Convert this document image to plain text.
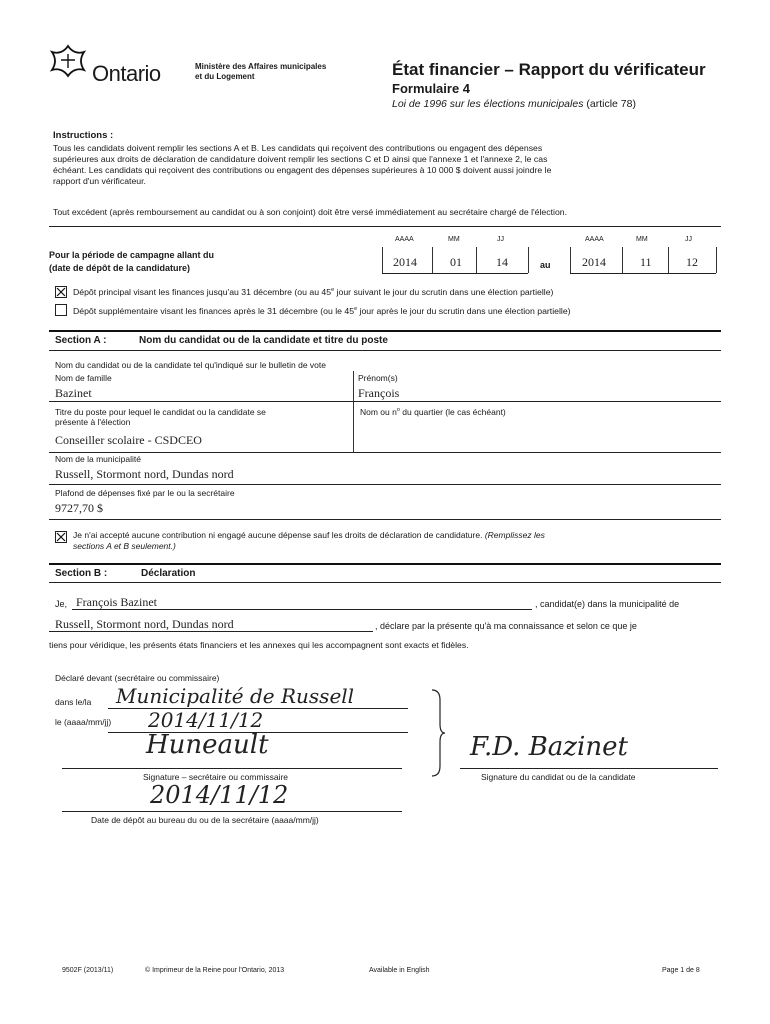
Ontario	Ministère des Affaires municipales
et du Logement	État financier – Rapport du vérificateur
Formulaire 4
Loi de 1996 sur les élections municipales (article 78)
Instructions :
Tous les candidats doivent remplir les sections A et B. Les candidats qui reçoivent des contributions ou engagent des dépenses
supérieures aux droits de déclaration de candidature doivent remplir les sections C et D ainsi que l'annexe 1 et l'annexe 2, le cas
échéant. Les candidats qui reçoivent des contributions ou engagent des dépenses supérieures à 10 000 $ doivent aussi joindre le
rapport d'un vérificateur.
Tout excédent (après remboursement au candidat ou à son conjoint) doit être versé immédiatement au secrétaire chargé de l'élection.
Pour la période de campagne allant du
(date de dépôt de la candidature)
AAAA	MM	JJ
2014	01	14	au
AAAA	MM	JJ
2014	11	12
Dépôt principal visant les finances jusqu'au 31 décembre (ou au 45e jour suivant le jour du scrutin dans une élection partielle)
Dépôt supplémentaire visant les finances après le 31 décembre (ou le 45e jour après le jour du scrutin dans une élection partielle)
Section A :	Nom du candidat ou de la candidate et titre du poste
Nom du candidat ou de la candidate tel qu'indiqué sur le bulletin de vote
Nom de famille
Bazinet
Prénom(s)
François
Titre du poste pour lequel le candidat ou la candidate se
présente à l'élection
Conseiller scolaire - CSDCEO
Nom ou $n^o$ du quartier (le cas échéant)
Nom de la municipalité
Russell, Stormont nord, Dundas nord
Plafond de dépenses fixé par le ou la secrétaire
9727,70 $
Je n'ai accepté aucune contribution ni engagé aucune dépense sauf les droits de déclaration de candidature. (Remplissez les
sections A et B seulement.)
Section B :	Déclaration
Je, François Bazinet	, candidat(e) dans la municipalité de
Russell, Stormont nord, Dundas nord	, déclare par la présente qu'à ma connaissance et selon ce que je
tiens pour véridique, les présents états financiers et les annexes qui les accompagnent sont exacts et fidèles.
Déclaré devant (secrétaire ou commissaire)
dans le/la Municipalité de Russell
le (aaaa/mm/jj) 2014/11/12
Huneault
Signature – secrétaire ou commissaire
F.D. Bazinet
Signature du candidat ou de la candidate
2014/11/12
Date de dépôt au bureau du ou de la secrétaire (aaaa/mm/jj)
9502F (2013/11)	© Imprimeur de la Reine pour l'Ontario, 2013	Available in English	Page 1 de 8
